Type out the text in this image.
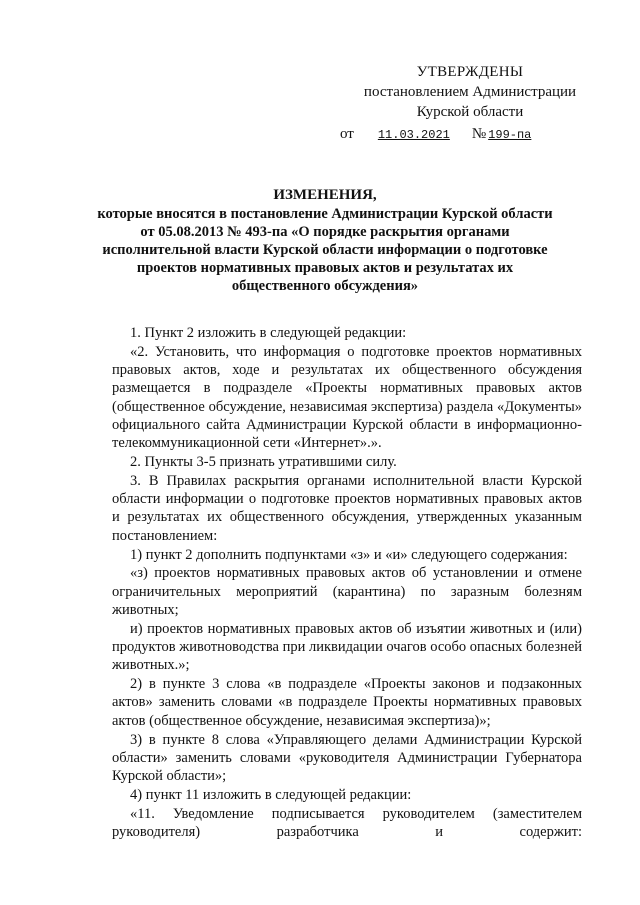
УТВЕРЖДЕНЫ
постановлением Администрации
Курской области
от 11.03.2021 № 199-па
ИЗМЕНЕНИЯ,
которые вносятся в постановление Администрации Курской области от 05.08.2013 № 493-па «О порядке раскрытия органами исполнительной власти Курской области информации о подготовке проектов нормативных правовых актов и результатах их общественного обсуждения»

1. Пункт 2 изложить в следующей редакции:

«2. Установить, что информация о подготовке проектов нормативных правовых актов, ходе и результатах их общественного обсуждения размещается в подразделе «Проекты нормативных правовых актов (общественное обсуждение, независимая экспертиза) раздела «Документы» официального сайта Администрации Курской области в информационно-телекоммуникационной сети «Интернет».».

2. Пункты 3-5 признать утратившими силу.

3. В Правилах раскрытия органами исполнительной власти Курской области информации о подготовке проектов нормативных правовых актов и результатах их общественного обсуждения, утвержденных указанным постановлением:

1) пункт 2 дополнить подпунктами «з» и «и» следующего содержания:

«з) проектов нормативных правовых актов об установлении и отмене ограничительных мероприятий (карантина) по заразным болезням животных;

и) проектов нормативных правовых актов об изъятии животных и (или) продуктов животноводства при ликвидации очагов особо опасных болезней животных.»;

2) в пункте 3 слова «в подразделе «Проекты законов и подзаконных актов» заменить словами «в подразделе Проекты нормативных правовых актов (общественное обсуждение, независимая экспертиза)»;

3) в пункте 8 слова «Управляющего делами Администрации Курской области» заменить словами «руководителя Администрации Губернатора Курской области»;

4) пункт 11 изложить в следующей редакции:

«11. Уведомление подписывается руководителем (заместителем руководителя) разработчика и содержит:
